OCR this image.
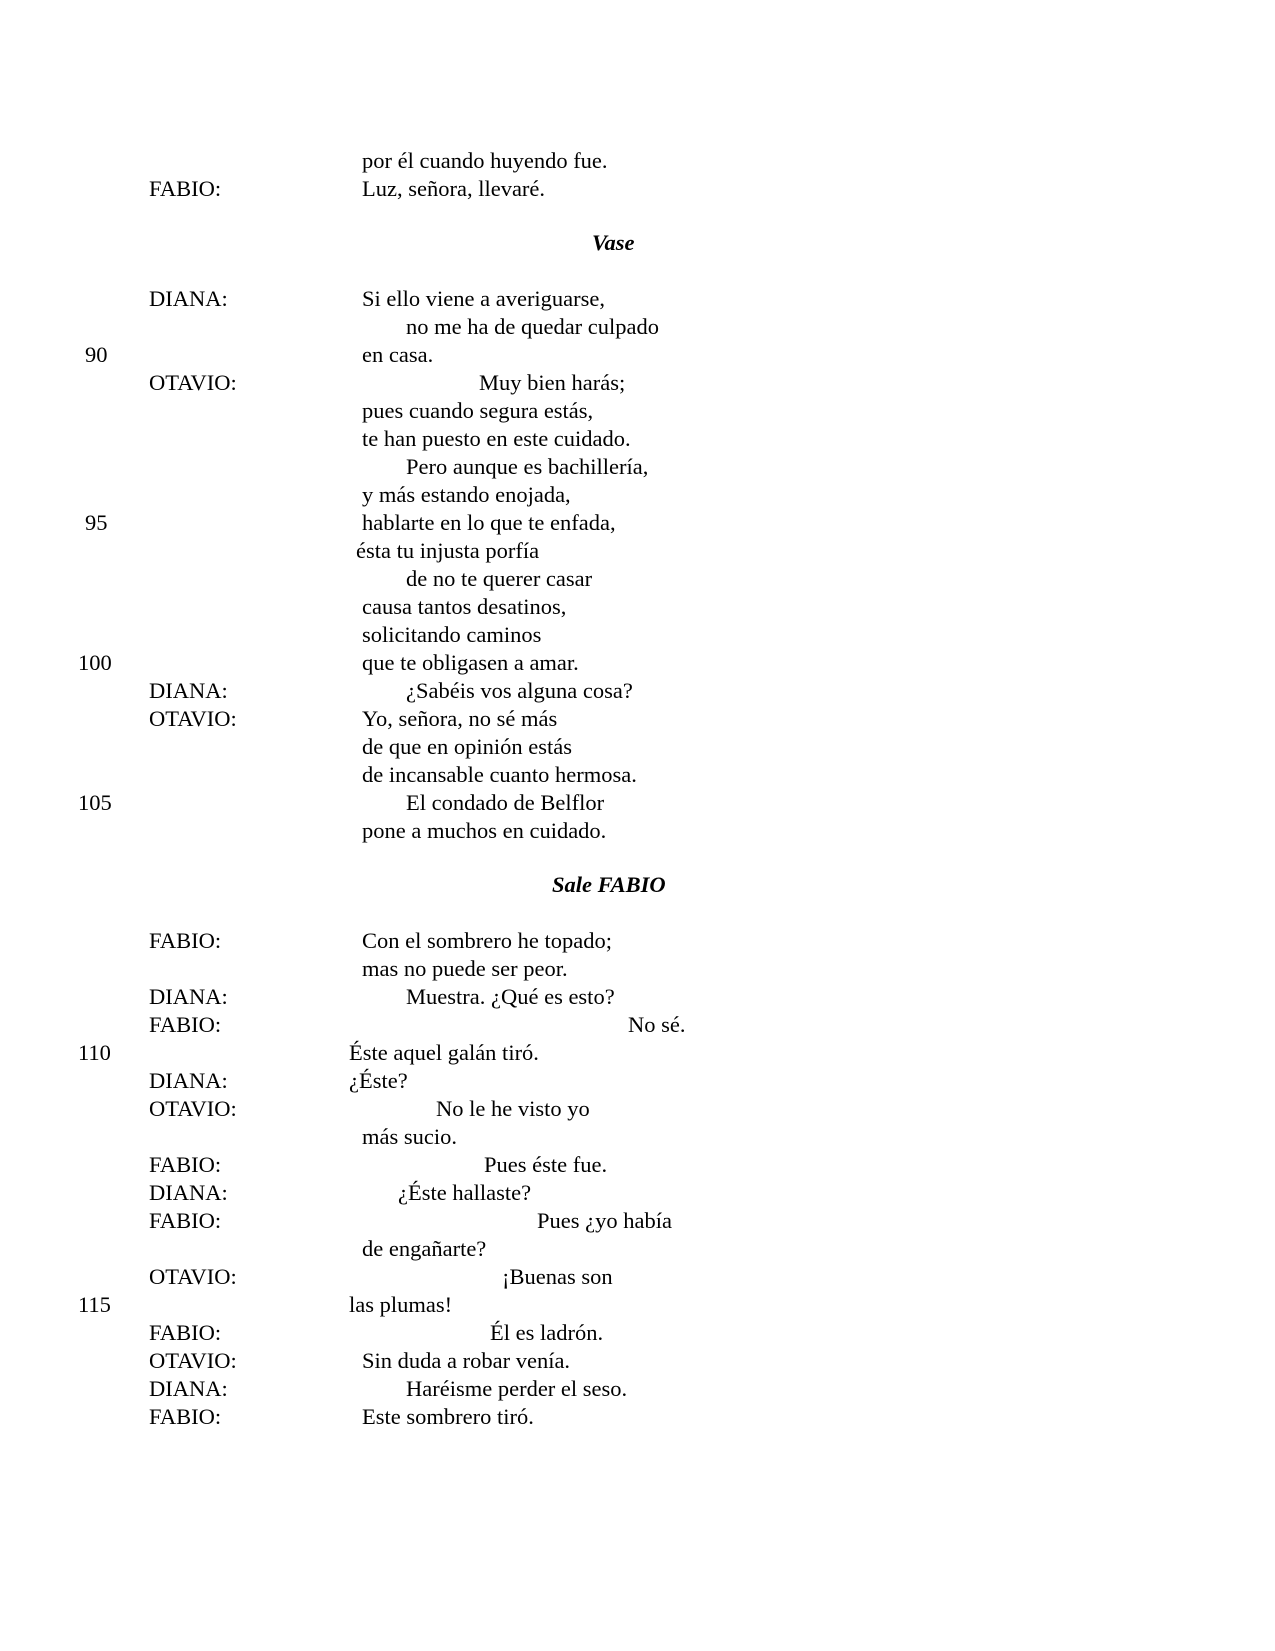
por él cuando huyendo fue.
FABIO:	Luz, señora, llevaré.
Vase
DIANA:	Si ello viene a averiguarse,
no me ha de quedar culpado
90	en casa.
OTAVIO:	Muy bien harás;
pues cuando segura estás,
te han puesto en este cuidado.
Pero aunque es bachillería,
y más estando enojada,
95	hablarte en lo que te enfada,
ésta tu injusta porfía
de no te querer casar
causa tantos desatinos,
solicitando caminos
100	que te obligasen a amar.
DIANA:	¿Sabéis vos alguna cosa?
OTAVIO:	Yo, señora, no sé más
de que en opinión estás
de incansable cuanto hermosa.
105	El condado de Belflor
pone a muchos en cuidado.
Sale FABIO
FABIO:	Con el sombrero he topado;
mas no puede ser peor.
DIANA:	Muestra. ¿Qué es esto?
FABIO:	No sé.
110	Éste aquel galán tiró.
DIANA:	¿Éste?
OTAVIO:	No le he visto yo
más sucio.
FABIO:	Pues éste fue.
DIANA:	¿Éste hallaste?
FABIO:	Pues ¿yo había
de engañarte?
OTAVIO:	¡Buenas son
115	las plumas!
FABIO:	Él es ladrón.
OTAVIO:	Sin duda a robar venía.
DIANA:	Haréisme perder el seso.
FABIO:	Este sombrero tiró.
